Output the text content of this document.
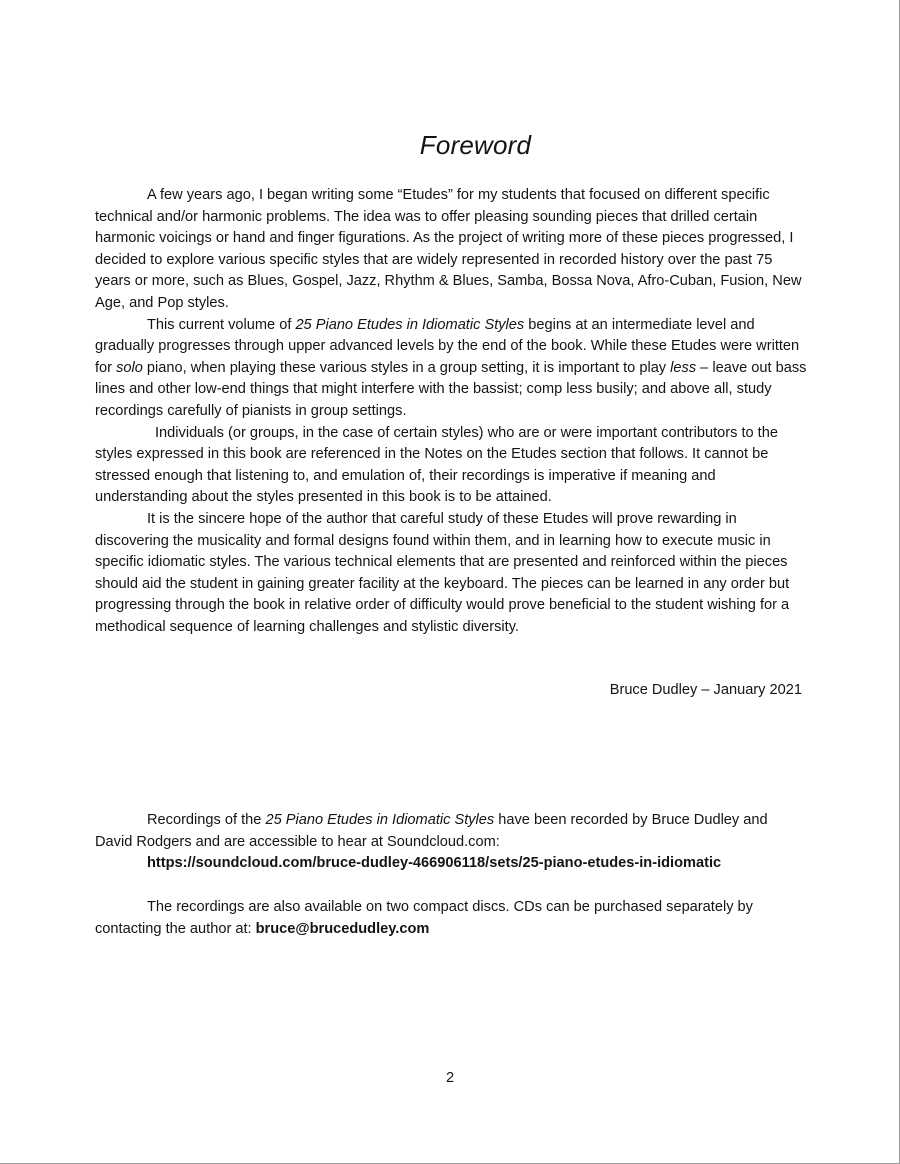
Foreword

A few years ago, I began writing some “Etudes” for my students that focused on different specific technical and/or harmonic problems. The idea was to offer pleasing sounding pieces that drilled certain harmonic voicings or hand and finger figurations. As the project of writing more of these pieces progressed, I decided to explore various specific styles that are widely represented in recorded history over the past 75 years or more, such as Blues, Gospel, Jazz, Rhythm & Blues, Samba, Bossa Nova, Afro-Cuban, Fusion, New Age, and Pop styles.

This current volume of 25 Piano Etudes in Idiomatic Styles begins at an intermediate level and gradually progresses through upper advanced levels by the end of the book. While these Etudes were written for solo piano, when playing these various styles in a group setting, it is important to play less – leave out bass lines and other low-end things that might interfere with the bassist; comp less busily; and above all, study recordings carefully of pianists in group settings.

Individuals (or groups, in the case of certain styles) who are or were important contributors to the styles expressed in this book are referenced in the Notes on the Etudes section that follows. It cannot be stressed enough that listening to, and emulation of, their recordings is imperative if meaning and understanding about the styles presented in this book is to be attained.

It is the sincere hope of the author that careful study of these Etudes will prove rewarding in discovering the musicality and formal designs found within them, and in learning how to execute music in specific idiomatic styles. The various technical elements that are presented and reinforced within the pieces should aid the student in gaining greater facility at the keyboard. The pieces can be learned in any order but progressing through the book in relative order of difficulty would prove beneficial to the student wishing for a methodical sequence of learning challenges and stylistic diversity.

Bruce Dudley – January 2021

Recordings of the 25 Piano Etudes in Idiomatic Styles have been recorded by Bruce Dudley and David Rodgers and are accessible to hear at Soundcloud.com:

https://soundcloud.com/bruce-dudley-466906118/sets/25-piano-etudes-in-idiomatic

The recordings are also available on two compact discs. CDs can be purchased separately by contacting the author at: bruce@brucedudley.com

2
